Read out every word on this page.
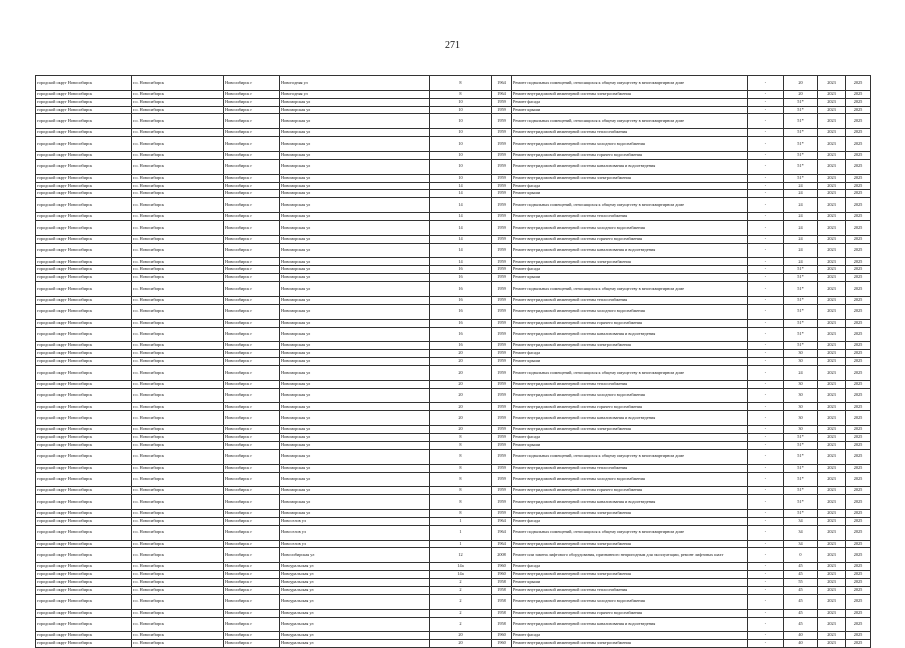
271
городской округ Новосибирск	г.о. Новосибирск	Новосибирск г	Новогодняя ул	8	1964	Ремонт подвальных помещений, относящихся к общему имуществу в многоквартирном доме	-	20	2023	2025
городской округ Новосибирск	г.о. Новосибирск	Новосибирск г	Новогодняя ул	8	1964	Ремонт внутридомовой инженерной системы электроснабжения	-	20	2023	2025
городской округ Новосибирск	г.о. Новосибирск	Новосибирск г	Новоморская ул	10	1959	Ремонт фасада	-	51*	2023	2025
городской округ Новосибирск	г.о. Новосибирск	Новосибирск г	Новоморская ул	10	1959	Ремонт крыши	-	51*	2023	2025
городской округ Новосибирск	г.о. Новосибирск	Новосибирск г	Новоморская ул	10	1959	Ремонт подвальных помещений, относящихся к общему имуществу в многоквартирном доме	-	51*	2023	2025
городской округ Новосибирск	г.о. Новосибирск	Новосибирск г	Новоморская ул	10	1959	Ремонт внутридомовой инженерной системы теплоснабжения	-	51*	2023	2025
городской округ Новосибирск	г.о. Новосибирск	Новосибирск г	Новоморская ул	10	1959	Ремонт внутридомовой инженерной системы холодного водоснабжения	-	51*	2023	2025
городской округ Новосибирск	г.о. Новосибирск	Новосибирск г	Новоморская ул	10	1959	Ремонт внутридомовой инженерной системы горячего водоснабжения	-	51*	2023	2025
городской округ Новосибирск	г.о. Новосибирск	Новосибирск г	Новоморская ул	10	1959	Ремонт внутридомовой инженерной системы канализования и водоотведения	-	51*	2023	2025
городской округ Новосибирск	г.о. Новосибирск	Новосибирск г	Новоморская ул	10	1959	Ремонт внутридомовой инженерной системы электроснабжения	-	51*	2023	2025
городской округ Новосибирск	г.о. Новосибирск	Новосибирск г	Новоморская ул	14	1959	Ремонт фасада	-	24	2023	2025
городской округ Новосибирск	г.о. Новосибирск	Новосибирск г	Новоморская ул	14	1959	Ремонт крыши	-	24	2023	2025
городской округ Новосибирск	г.о. Новосибирск	Новосибирск г	Новоморская ул	14	1959	Ремонт подвальных помещений, относящихся к общему имуществу в многоквартирном доме	-	24	2023	2025
городской округ Новосибирск	г.о. Новосибирск	Новосибирск г	Новоморская ул	14	1959	Ремонт внутридомовой инженерной системы теплоснабжения	-	24	2023	2025
городской округ Новосибирск	г.о. Новосибирск	Новосибирск г	Новоморская ул	14	1959	Ремонт внутридомовой инженерной системы холодного водоснабжения	-	24	2023	2025
городской округ Новосибирск	г.о. Новосибирск	Новосибирск г	Новоморская ул	14	1959	Ремонт внутридомовой инженерной системы горячего водоснабжения	-	24	2023	2025
городской округ Новосибирск	г.о. Новосибирск	Новосибирск г	Новоморская ул	14	1959	Ремонт внутридомовой инженерной системы канализования и водоотведения	-	24	2023	2025
городской округ Новосибирск	г.о. Новосибирск	Новосибирск г	Новоморская ул	14	1959	Ремонт внутридомовой инженерной системы электроснабжения	-	24	2023	2025
городской округ Новосибирск	г.о. Новосибирск	Новосибирск г	Новоморская ул	16	1959	Ремонт фасада	-	51*	2023	2025
городской округ Новосибирск	г.о. Новосибирск	Новосибирск г	Новоморская ул	16	1959	Ремонт крыши	-	51*	2023	2025
городской округ Новосибирск	г.о. Новосибирск	Новосибирск г	Новоморская ул	16	1959	Ремонт подвальных помещений, относящихся к общему имуществу в многоквартирном доме	-	51*	2023	2025
городской округ Новосибирск	г.о. Новосибирск	Новосибирск г	Новоморская ул	16	1959	Ремонт внутридомовой инженерной системы теплоснабжения	-	51*	2023	2025
городской округ Новосибирск	г.о. Новосибирск	Новосибирск г	Новоморская ул	16	1959	Ремонт внутридомовой инженерной системы холодного водоснабжения	-	51*	2023	2025
городской округ Новосибирск	г.о. Новосибирск	Новосибирск г	Новоморская ул	16	1959	Ремонт внутридомовой инженерной системы горячего водоснабжения	-	51*	2023	2025
городской округ Новосибирск	г.о. Новосибирск	Новосибирск г	Новоморская ул	16	1959	Ремонт внутридомовой инженерной системы канализования и водоотведения	-	51*	2023	2025
городской округ Новосибирск	г.о. Новосибирск	Новосибирск г	Новоморская ул	16	1959	Ремонт внутридомовой инженерной системы электроснабжения	-	51*	2023	2025
городской округ Новосибирск	г.о. Новосибирск	Новосибирск г	Новоморская ул	20	1959	Ремонт фасада	-	30	2023	2025
городской округ Новосибирск	г.о. Новосибирск	Новосибирск г	Новоморская ул	20	1959	Ремонт крыши	-	30	2023	2025
городской округ Новосибирск	г.о. Новосибирск	Новосибирск г	Новоморская ул	20	1959	Ремонт подвальных помещений, относящихся к общему имуществу в многоквартирном доме	-	24	2023	2025
городской округ Новосибирск	г.о. Новосибирск	Новосибирск г	Новоморская ул	20	1959	Ремонт внутридомовой инженерной системы теплоснабжения	-	30	2023	2025
городской округ Новосибирск	г.о. Новосибирск	Новосибирск г	Новоморская ул	20	1959	Ремонт внутридомовой инженерной системы холодного водоснабжения	-	30	2023	2025
городской округ Новосибирск	г.о. Новосибирск	Новосибирск г	Новоморская ул	20	1959	Ремонт внутридомовой инженерной системы горячего водоснабжения	-	30	2023	2025
городской округ Новосибирск	г.о. Новосибирск	Новосибирск г	Новоморская ул	20	1959	Ремонт внутридомовой инженерной системы канализования и водоотведения	-	30	2023	2025
городской округ Новосибирск	г.о. Новосибирск	Новосибирск г	Новоморская ул	20	1959	Ремонт внутридомовой инженерной системы электроснабжения	-	30	2023	2025
городской округ Новосибирск	г.о. Новосибирск	Новосибирск г	Новоморская ул	8	1959	Ремонт фасада	-	51*	2023	2025
городской округ Новосибирск	г.о. Новосибирск	Новосибирск г	Новоморская ул	8	1959	Ремонт крыши	-	51*	2023	2025
городской округ Новосибирск	г.о. Новосибирск	Новосибирск г	Новоморская ул	8	1959	Ремонт подвальных помещений, относящихся к общему имуществу в многоквартирном доме	-	51*	2023	2025
городской округ Новосибирск	г.о. Новосибирск	Новосибирск г	Новоморская ул	8	1959	Ремонт внутридомовой инженерной системы теплоснабжения	-	51*	2023	2025
городской округ Новосибирск	г.о. Новосибирск	Новосибирск г	Новоморская ул	8	1959	Ремонт внутридомовой инженерной системы холодного водоснабжения	-	51*	2023	2025
городской округ Новосибирск	г.о. Новосибирск	Новосибирск г	Новоморская ул	8	1959	Ремонт внутридомовой инженерной системы горячего водоснабжения	-	51*	2023	2025
городской округ Новосибирск	г.о. Новосибирск	Новосибирск г	Новоморская ул	8	1959	Ремонт внутридомовой инженерной системы канализования и водоотведения	-	51*	2023	2025
городской округ Новосибирск	г.о. Новосибирск	Новосибирск г	Новоморская ул	8	1959	Ремонт внутридомовой инженерной системы электроснабжения	-	51*	2023	2025
городской округ Новосибирск	г.о. Новосибирск	Новосибирск г	Новоселов ул	1	1964	Ремонт фасада	-	34	2023	2025
городской округ Новосибирск	г.о. Новосибирск	Новосибирск г	Новоселов ул	1	1964	Ремонт подвальных помещений, относящихся к общему имуществу в многоквартирном доме	-	34	2023	2025
городской округ Новосибирск	г.о. Новосибирск	Новосибирск г	Новоселов ул	1	1964	Ремонт внутридомовой инженерной системы электроснабжения	-	34	2023	2025
городской округ Новосибирск	г.о. Новосибирск	Новосибирск г	Новосибирская ул	12	2008	Ремонт или замена лифтового оборудования, признанного непригодным для эксплуатации, ремонт лифтовых шахт	-	0	2023	2025
городской округ Новосибирск	г.о. Новосибирск	Новосибирск г	Новоуральская ул	14а	1960	Ремонт фасада	-	45	2023	2025
городской округ Новосибирск	г.о. Новосибирск	Новосибирск г	Новоуральская ул	14а	1960	Ремонт внутридомовой инженерной системы электроснабжения	-	45	2023	2025
городской округ Новосибирск	г.о. Новосибирск	Новосибирск г	Новоуральская ул	2	1958	Ремонт крыши	-	55	2023	2025
городской округ Новосибирск	г.о. Новосибирск	Новосибирск г	Новоуральская ул	2	1958	Ремонт внутридомовой инженерной системы теплоснабжения	-	45	2023	2025
городской округ Новосибирск	г.о. Новосибирск	Новосибирск г	Новоуральская ул	2	1958	Ремонт внутридомовой инженерной системы холодного водоснабжения	-	45	2023	2025
городской округ Новосибирск	г.о. Новосибирск	Новосибирск г	Новоуральская ул	2	1958	Ремонт внутридомовой инженерной системы горячего водоснабжения	-	45	2023	2025
городской округ Новосибирск	г.о. Новосибирск	Новосибирск г	Новоуральская ул	2	1958	Ремонт внутридомовой инженерной системы канализования и водоотведения	-	45	2023	2025
городской округ Новосибирск	г.о. Новосибирск	Новосибирск г	Новоуральская ул	20	1960	Ремонт фасада	-	40	2023	2025
городской округ Новосибирск	г.о. Новосибирск	Новосибирск г	Новоуральская ул	20	1960	Ремонт внутридомовой инженерной системы электроснабжения	-	40	2023	2025
